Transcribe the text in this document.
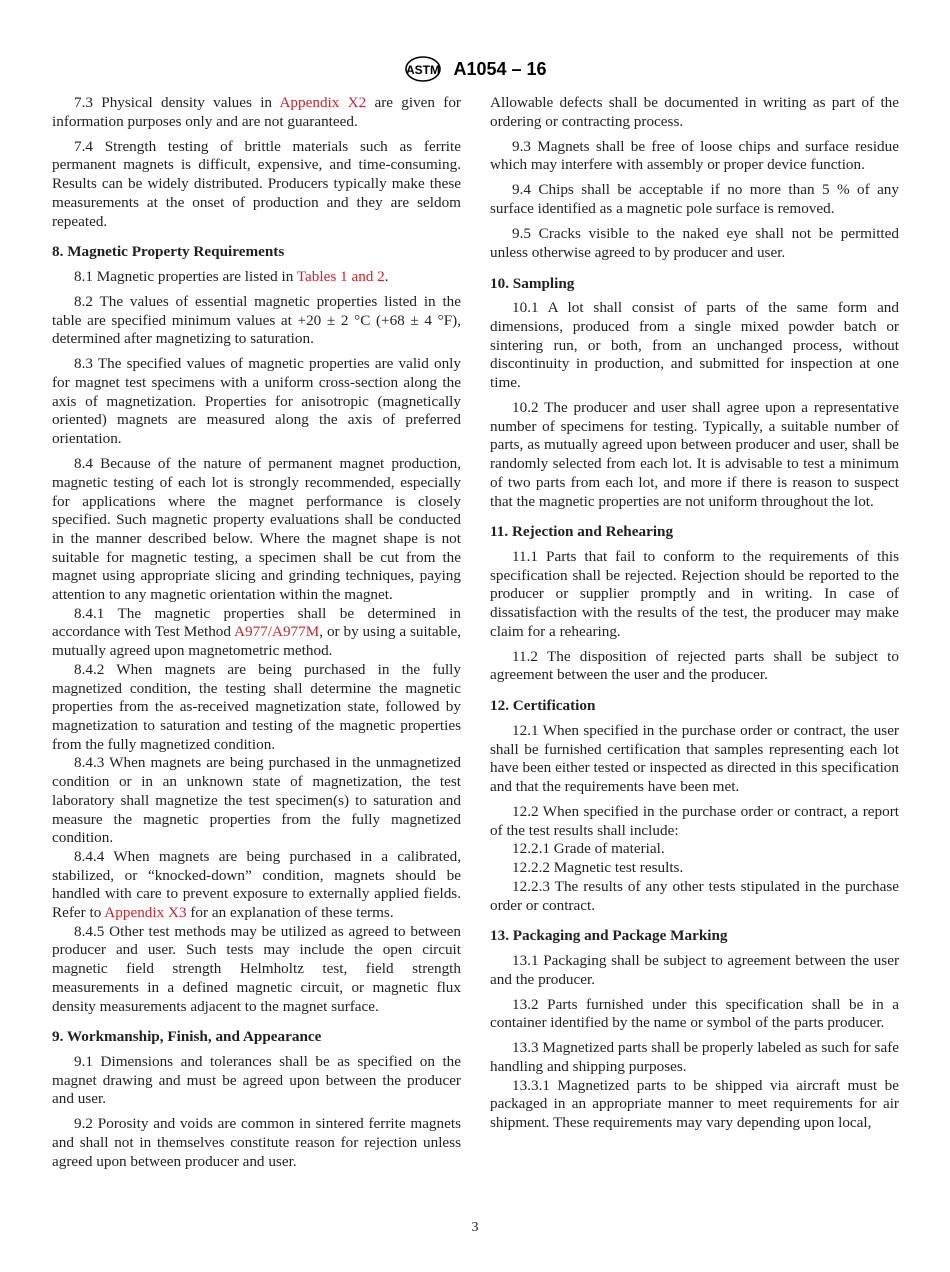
ASTM A1054 – 16

7.3 Physical density values in Appendix X2 are given for information purposes only and are not guaranteed.

7.4 Strength testing of brittle materials such as ferrite permanent magnets is difficult, expensive, and time-consuming. Results can be widely distributed. Producers typically make these measurements at the onset of production and they are seldom repeated.

8. Magnetic Property Requirements

8.1 Magnetic properties are listed in Tables 1 and 2.

8.2 The values of essential magnetic properties listed in the table are specified minimum values at +20 ± 2 °C (+68 ± 4 °F), determined after magnetizing to saturation.

8.3 The specified values of magnetic properties are valid only for magnet test specimens with a uniform cross-section along the axis of magnetization. Properties for anisotropic (magnetically oriented) magnets are measured along the axis of preferred orientation.

8.4 Because of the nature of permanent magnet production, magnetic testing of each lot is strongly recommended, especially for applications where the magnet performance is closely specified. Such magnetic property evaluations shall be conducted in the manner described below. Where the magnet shape is not suitable for magnetic testing, a specimen shall be cut from the magnet using appropriate slicing and grinding techniques, paying attention to any magnetic orientation within the magnet.

8.4.1 The magnetic properties shall be determined in accordance with Test Method A977/A977M, or by using a suitable, mutually agreed upon magnetometric method.

8.4.2 When magnets are being purchased in the fully magnetized condition, the testing shall determine the magnetic properties from the as-received magnetization state, followed by magnetization to saturation and testing of the magnetic properties from the fully magnetized condition.

8.4.3 When magnets are being purchased in the unmagnetized condition or in an unknown state of magnetization, the test laboratory shall magnetize the test specimen(s) to saturation and measure the magnetic properties from the fully magnetized condition.

8.4.4 When magnets are being purchased in a calibrated, stabilized, or “knocked-down” condition, magnets should be handled with care to prevent exposure to externally applied fields. Refer to Appendix X3 for an explanation of these terms.

8.4.5 Other test methods may be utilized as agreed to between producer and user. Such tests may include the open circuit magnetic field strength Helmholtz test, field strength measurements in a defined magnetic circuit, or magnetic flux density measurements adjacent to the magnet surface.

9. Workmanship, Finish, and Appearance

9.1 Dimensions and tolerances shall be as specified on the magnet drawing and must be agreed upon between the producer and user.

9.2 Porosity and voids are common in sintered ferrite magnets and shall not in themselves constitute reason for rejection unless agreed upon between producer and user.

Allowable defects shall be documented in writing as part of the ordering or contracting process.

9.3 Magnets shall be free of loose chips and surface residue which may interfere with assembly or proper device function.

9.4 Chips shall be acceptable if no more than 5 % of any surface identified as a magnetic pole surface is removed.

9.5 Cracks visible to the naked eye shall not be permitted unless otherwise agreed to by producer and user.

10. Sampling

10.1 A lot shall consist of parts of the same form and dimensions, produced from a single mixed powder batch or sintering run, or both, from an unchanged process, without discontinuity in production, and submitted for inspection at one time.

10.2 The producer and user shall agree upon a representative number of specimens for testing. Typically, a suitable number of parts, as mutually agreed upon between producer and user, shall be randomly selected from each lot. It is advisable to test a minimum of two parts from each lot, and more if there is reason to suspect that the magnetic properties are not uniform throughout the lot.

11. Rejection and Rehearing

11.1 Parts that fail to conform to the requirements of this specification shall be rejected. Rejection should be reported to the producer or supplier promptly and in writing. In case of dissatisfaction with the results of the test, the producer may make claim for a rehearing.

11.2 The disposition of rejected parts shall be subject to agreement between the user and the producer.

12. Certification

12.1 When specified in the purchase order or contract, the user shall be furnished certification that samples representing each lot have been either tested or inspected as directed in this specification and that the requirements have been met.

12.2 When specified in the purchase order or contract, a report of the test results shall include:

12.2.1 Grade of material.

12.2.2 Magnetic test results.

12.2.3 The results of any other tests stipulated in the purchase order or contract.

13. Packaging and Package Marking

13.1 Packaging shall be subject to agreement between the user and the producer.

13.2 Parts furnished under this specification shall be in a container identified by the name or symbol of the parts producer.

13.3 Magnetized parts shall be properly labeled as such for safe handling and shipping purposes.

13.3.1 Magnetized parts to be shipped via aircraft must be packaged in an appropriate manner to meet requirements for air shipment. These requirements may vary depending upon local,

3
